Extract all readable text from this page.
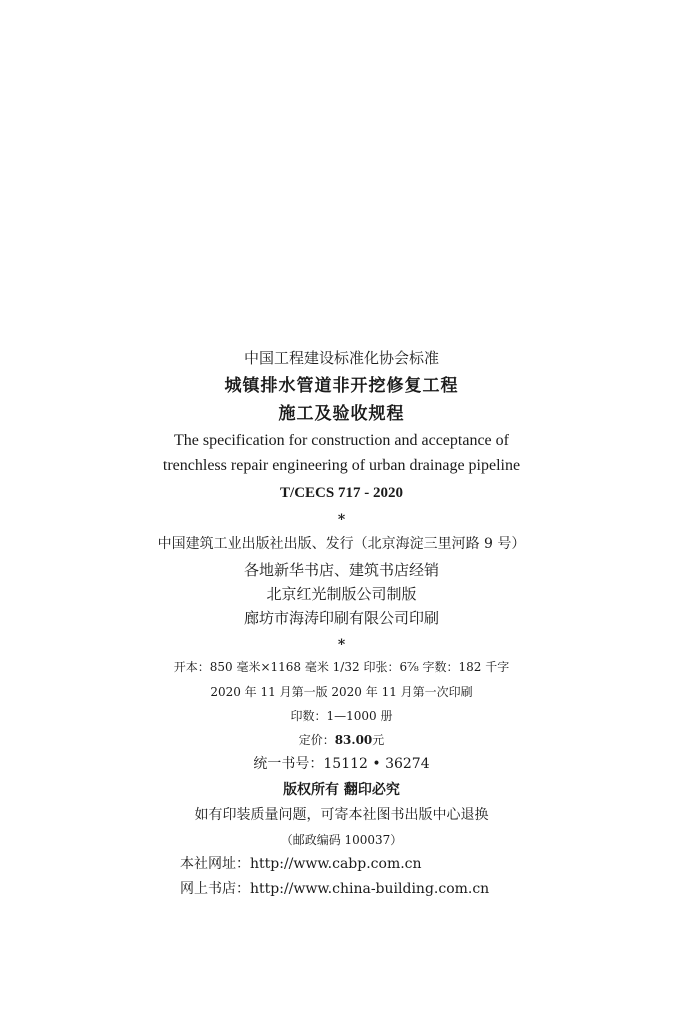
中国工程建设标准化协会标准
城镇排水管道非开挖修复工程
施工及验收规程
The specification for construction and acceptance of
trenchless repair engineering of urban drainage pipeline
T/CECS 717 - 2020
*
中国建筑工业出版社出版、发行（北京海淀三里河路 9 号）
各地新华书店、建筑书店经销
北京红光制版公司制版
廊坊市海涛印刷有限公司印刷
*
开本：850 毫米×1168 毫米 1/32 印张：6⅞ 字数：182 千字
2020 年 11 月第一版 2020 年 11 月第一次印刷
印数：1—1000 册
定价：83.00元
统一书号：15112 • 36274
版权所有 翻印必究
如有印装质量问题，可寄本社图书出版中心退换
（邮政编码 100037）
本社网址：http://www.cabp.com.cn
网上书店：http://www.china-building.com.cn
